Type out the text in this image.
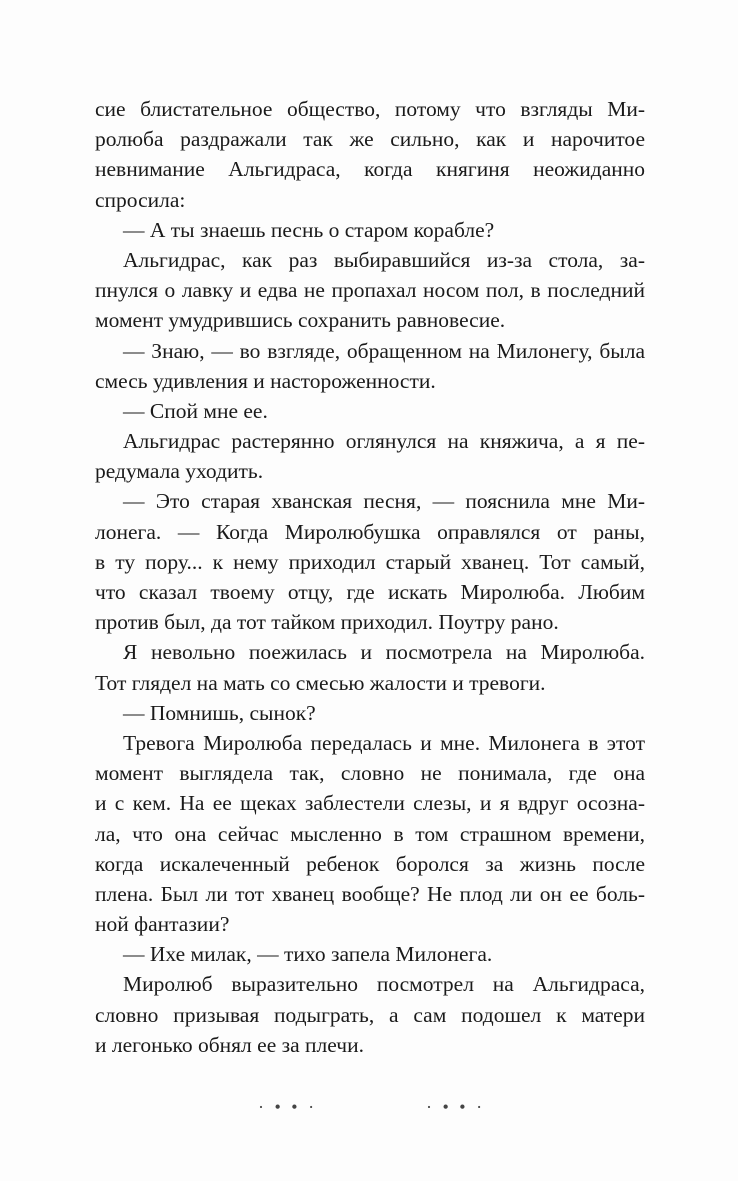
сие блистательное общество, потому что взгляды Ми-
ролюба раздражали так же сильно, как и нарочитое
невнимание Альгидраса, когда княгиня неожиданно
спросила:
— А ты знаешь песнь о старом корабле?
Альгидрас, как раз выбиравшийся из-за стола, за-
пнулся о лавку и едва не пропахал носом пол, в последний
момент умудрившись сохранить равновесие.
— Знаю, — во взгляде, обращенном на Милонегу, была
смесь удивления и настороженности.
— Спой мне ее.
Альгидрас растерянно оглянулся на княжича, а я пе-
редумала уходить.
— Это старая хванская песня, — пояснила мне Ми-
лонега. — Когда Миролюбушка оправлялся от раны,
в ту пору... к нему приходил старый хванец. Тот самый,
что сказал твоему отцу, где искать Миролюба. Любим
против был, да тот тайком приходил. Поутру рано.
Я невольно поежилась и посмотрела на Миролюба.
Тот глядел на мать со смесью жалости и тревоги.
— Помнишь, сынок?
Тревога Миролюба передалась и мне. Милонега в этот
момент выглядела так, словно не понимала, где она
и с кем. На ее щеках заблестели слезы, и я вдруг осозна-
ла, что она сейчас мысленно в том страшном времени,
когда искалеченный ребенок боролся за жизнь после
плена. Был ли тот хванец вообще? Не плод ли он ее боль-
ной фантазии?
— Ихе милак, — тихо запела Милонега.
Миролюб выразительно посмотрел на Альгидраса,
словно призывая подыграть, а сам подошел к матери
и легонько обнял ее за плечи.
· • • ·	· • • ·
